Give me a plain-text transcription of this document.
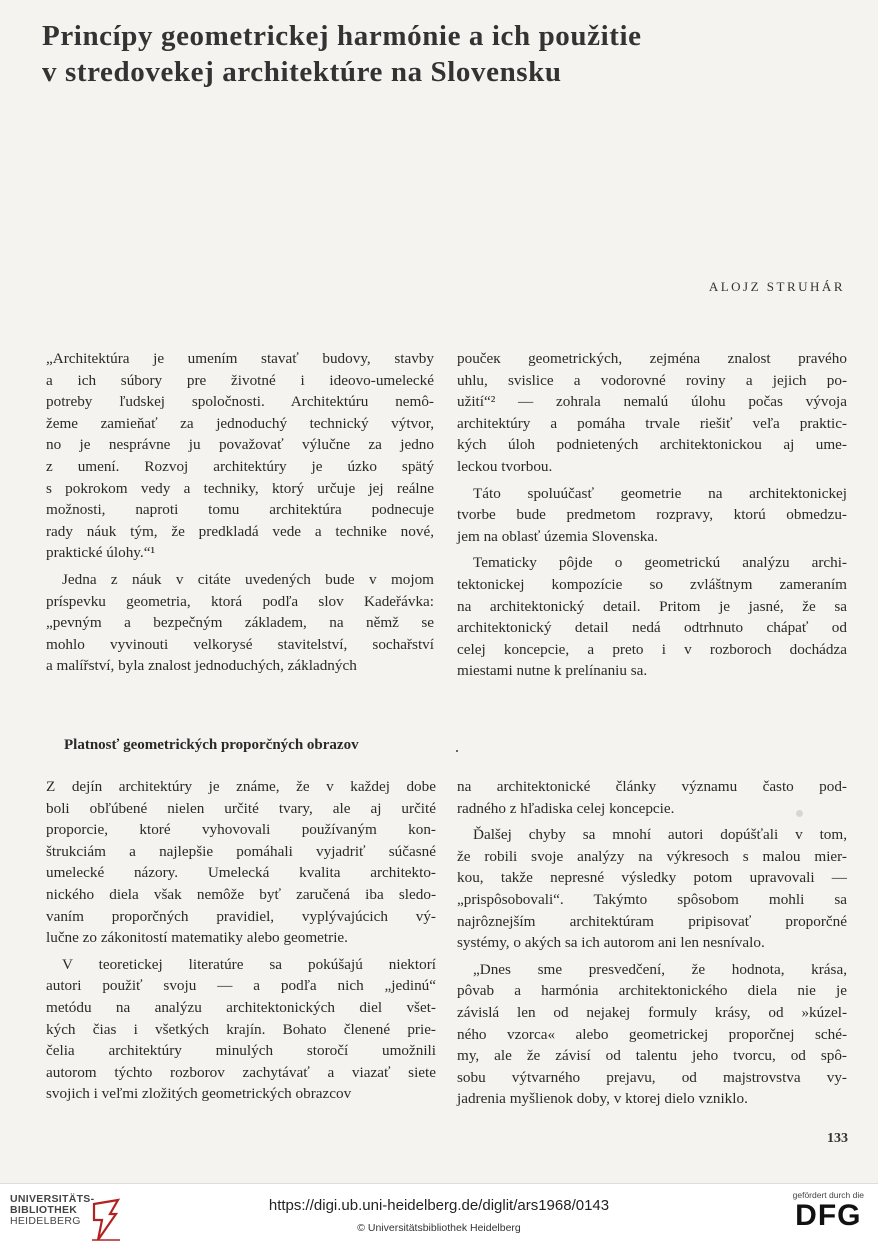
Princípy geometrickej harmónie a ich použitie
v stredovekej architektúre na Slovensku
ALOJZ STRUHÁR
„Architektúra je umením stavať budovy, stavby
a ich súbory pre životné i ideovo-umelecké
potreby ľudskej spoločnosti. Architektúru nemô-
žeme zamieňať za jednoduchý technický výtvor,
no je nesprávne ju považovať výlučne za jedno
z umení. Rozvoj architektúry je úzko spätý
s pokrokom vedy a techniky, ktorý určuje jej reálne
možnosti, naproti tomu architektúra podnecuje
rady náuk tým, že predkladá vede a technike nové,
praktické úlohy.“¹
Jedna z náuk v citáte uvedených bude v mojom
príspevku geometria, ktorá podľa slov Kadeřávka:
„pevným a bezpečným základem, na němž se
mohlo vyvinouti velkorysé stavitelství, sochařství
a malířství, byla znalost jednoduchých, základných
poučeк geometrických, zejména znalost pravého
uhlu, svislice a vodorovné roviny a jejich po-
užití“² — zohrala nemalú úlohu počas vývoja
architektúry a pomáha trvale riešiť veľa praktic-
kých úloh podnietených architektonickou aj ume-
leckou tvorbou.
Táto spoluúčasť geometrie na architektonickej
tvorbe bude predmetom rozpravy, ktorú obmedzu-
jem na oblasť územia Slovenska.
Tematicky pôjde o geometrickú analýzu archi-
tektonickej kompozície so zvláštnym zameraním
na architektonický detail. Pritom je jasné, že sa
architektonický detail nedá odtrhnuto chápať od
celej koncepcie, a preto i v rozboroch dochádza
miestami nutne k prelínaniu sa.
Platnosť geometrických proporčných obrazov
Z dejín architektúry je známe, že v každej dobe
boli obľúbené nielen určité tvary, ale aj určité
proporcie, ktoré vyhovovali používaným kon-
štrukciám a najlepšie pomáhali vyjadriť súčasné
umelecké názory. Umelecká kvalita architekto-
nického diela však nemôže byť zaručená iba sledo-
vaním proporčných pravidiel, vyplývajúcich vý-
lučne zo zákonitostí matematiky alebo geometrie.
V teoretickej literatúre sa pokúšajú niektorí
autori použiť svoju — a podľa nich „jedinú“
metódu na analýzu architektonických diel všet-
kých čias i všetkých krajín. Bohato členené prie-
čelia architektúry minulých storočí umožnili
autorom týchto rozborov zachytávať a viazať siete
svojich i veľmi zložitých geometrických obrazcov
na architektonické články významu často pod-
radného z hľadiska celej koncepcie.
Ďalšej chyby sa mnohí autori dopúšťali v tom,
že robili svoje analýzy na výkresoch s malou mier-
kou, takže nepresné výsledky potom upravovali —
„prispôsobovali“. Takýmto spôsobom mohli sa
najrôznejším architektúram pripisovať proporčné
systémy, o akých sa ich autorom ani len nesnívalo.
„Dnes sme presvedčení, že hodnota, krása,
pôvab a harmónia architektonického diela nie je
závislá len od nejakej formuly krásy, od »kúzel-
ného vzorca« alebo geometrickej proporčnej sché-
my, ale že závisí od talentu jeho tvorcu, od spô-
sobu výtvarného prejavu, od majstrovstva vy-
jadrenia myšlienok doby, v ktorej dielo vzniklo.
133
UNIVERSITÄTS-
BIBLIOTHEK
HEIDELBERG
https://digi.ub.uni-heidelberg.de/diglit/ars1968/0143
© Universitätsbibliothek Heidelberg
gefördert durch die
DFG
